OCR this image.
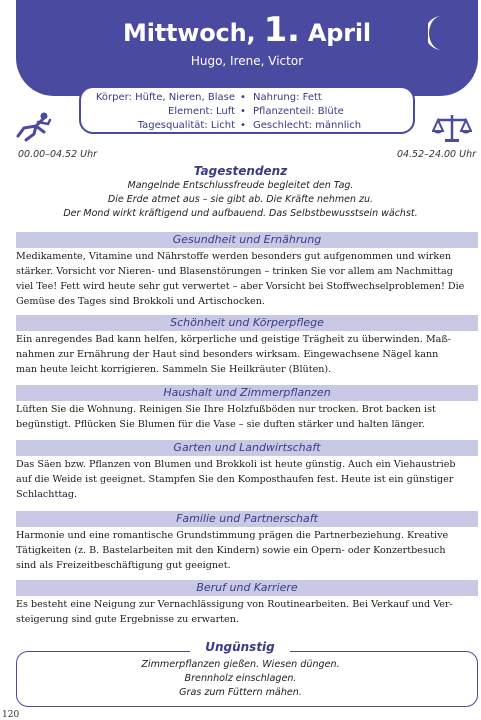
Mittwoch, 1. April
Hugo, Irene, Victor
Körper: Hüfte, Nieren, Blase • Nahrung: Fett
Element: Luft • Pflanzenteil: Blüte
Tagesqualität: Licht • Geschlecht: männlich
00.00–04.52 Uhr	04.52–24.00 Uhr
Tagestendenz
Mangelnde Entschlussfreude begleitet den Tag.
Die Erde atmet aus – sie gibt ab. Die Kräfte nehmen zu.
Der Mond wirkt kräftigend und aufbauend. Das Selbstbewusstsein wächst.
Gesundheit und Ernährung
Medikamente, Vitamine und Nährstoffe werden besonders gut aufgenommen und wirken
stärker. Vorsicht vor Nieren- und Blasenstörungen – trinken Sie vor allem am Nachmittag
viel Tee! Fett wird heute sehr gut verwertet – aber Vorsicht bei Stoffwechselproblemen! Die
Gemüse des Tages sind Brokkoli und Artischocken.
Schönheit und Körperpflege
Ein anregendes Bad kann helfen, körperliche und geistige Trägheit zu überwinden. Maß-
nahmen zur Ernährung der Haut sind besonders wirksam. Eingewachsene Nägel kann
man heute leicht korrigieren. Sammeln Sie Heilkräuter (Blüten).
Haushalt und Zimmerpflanzen
Lüften Sie die Wohnung. Reinigen Sie Ihre Holzfußböden nur trocken. Brot backen ist
begünstigt. Pflücken Sie Blumen für die Vase – sie duften stärker und halten länger.
Garten und Landwirtschaft
Das Säen bzw. Pflanzen von Blumen und Brokkoli ist heute günstig. Auch ein Viehaustrieb
auf die Weide ist geeignet. Stampfen Sie den Komposthaufen fest. Heute ist ein günstiger
Schlachttag.
Familie und Partnerschaft
Harmonie und eine romantische Grundstimmung prägen die Partnerbeziehung. Kreative
Tätigkeiten (z. B. Bastelarbeiten mit den Kindern) sowie ein Opern- oder Konzertbesuch
sind als Freizeitbeschäftigung gut geeignet.
Beruf und Karriere
Es besteht eine Neigung zur Vernachlässigung von Routinearbeiten. Bei Verkauf und Ver-
steigerung sind gute Ergebnisse zu erwarten.
Ungünstig
Zimmerpflanzen gießen. Wiesen düngen.
Brennholz einschlagen.
Gras zum Füttern mähen.
120
